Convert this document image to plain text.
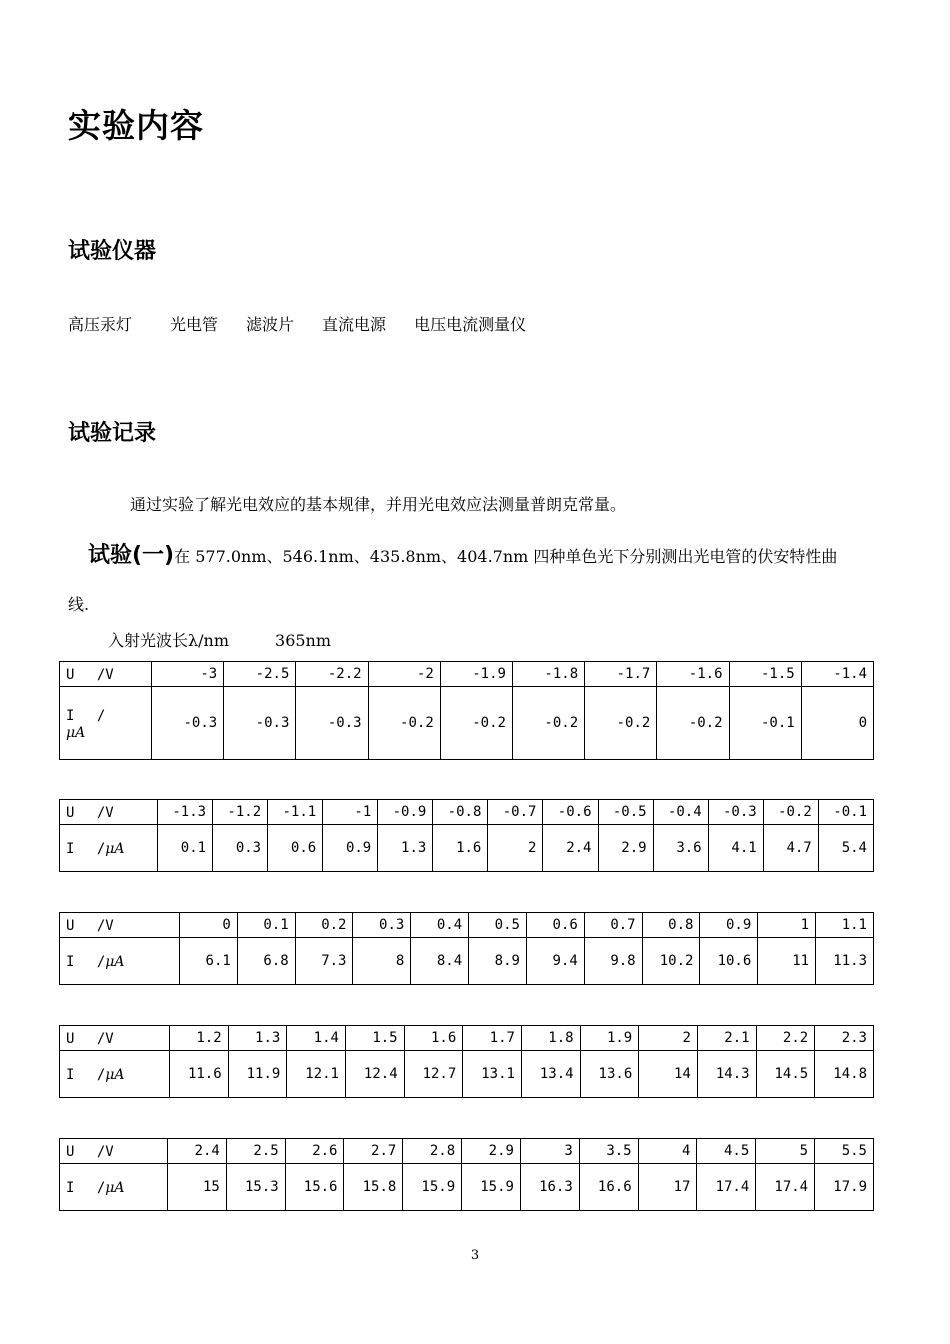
实验内容
试验仪器
高压汞灯 光电管 滤波片 直流电源 电压电流测量仪
试验记录
通过实验了解光电效应的基本规律，并用光电效应法测量普朗克常量。
试验(一)在 577.0nm、546.1nm、435.8nm、404.7nm 四种单色光下分别测出光电管的伏安特性曲
线.
入射光波长λ/nm	365nm
U　 /V	-3	-2.5	-2.2	-2	-1.9	-1.8	-1.7	-1.6	-1.5	-1.4
I　 /
μA	-0.3	-0.3	-0.3	-0.2	-0.2	-0.2	-0.2	-0.2	-0.1	0
U　 /V	-1.3	-1.2	-1.1	-1	-0.9	-0.8	-0.7	-0.6	-0.5	-0.4	-0.3	-0.2	-0.1
I　 /μA	0.1	0.3	0.6	0.9	1.3	1.6	2	2.4	2.9	3.6	4.1	4.7	5.4
U　 /V	0	0.1	0.2	0.3	0.4	0.5	0.6	0.7	0.8	0.9	1	1.1
I　 /μA	6.1	6.8	7.3	8	8.4	8.9	9.4	9.8	10.2	10.6	11	11.3
U　 /V	1.2	1.3	1.4	1.5	1.6	1.7	1.8	1.9	2	2.1	2.2	2.3
I　 /μA	11.6	11.9	12.1	12.4	12.7	13.1	13.4	13.6	14	14.3	14.5	14.8
U　 /V	2.4	2.5	2.6	2.7	2.8	2.9	3	3.5	4	4.5	5	5.5
I　 /μA	15	15.3	15.6	15.8	15.9	15.9	16.3	16.6	17	17.4	17.4	17.9
3
